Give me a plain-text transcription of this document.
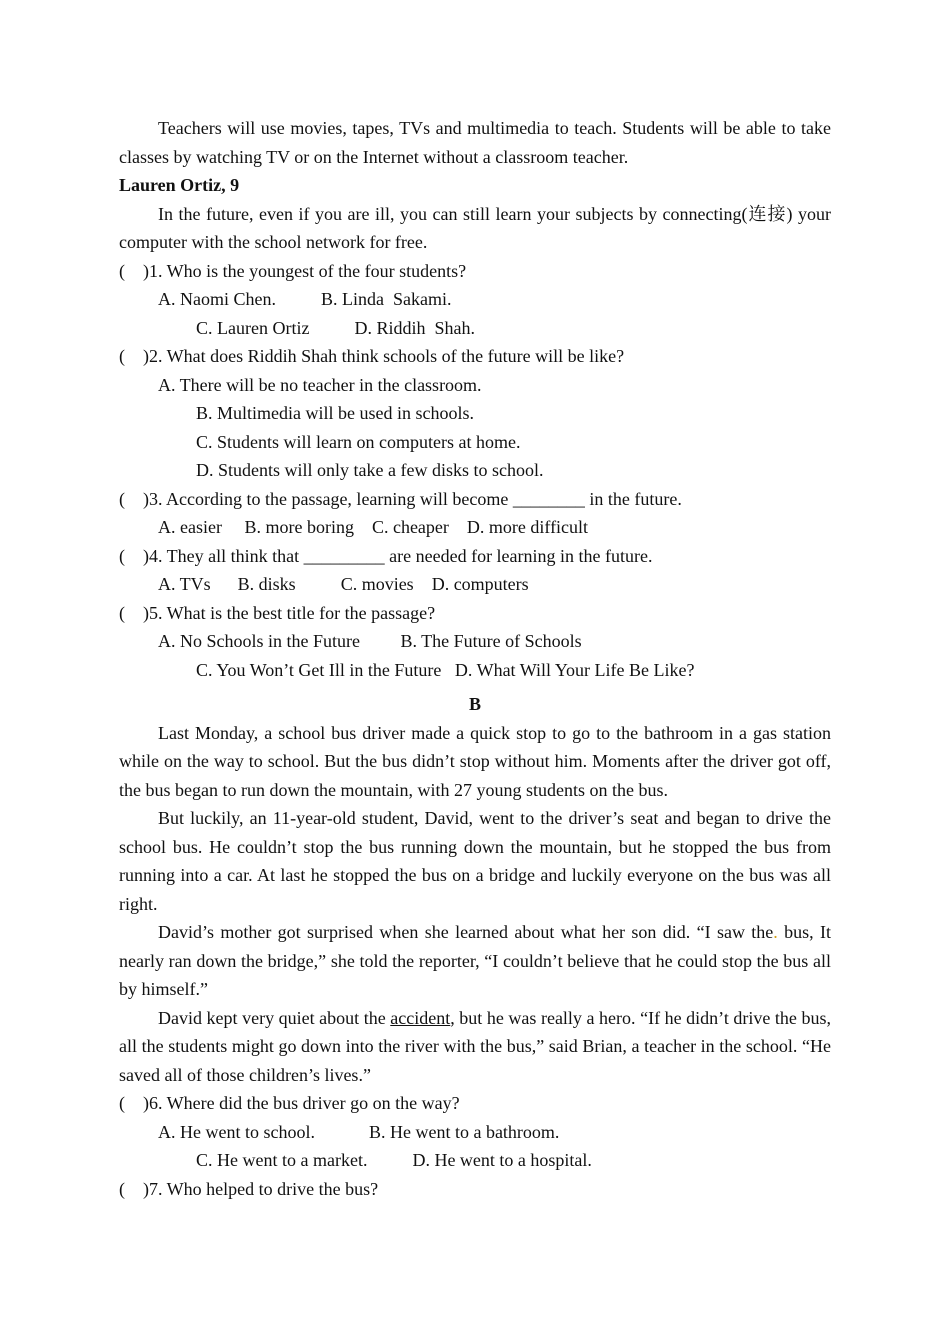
Teachers will use movies, tapes, TVs and multimedia to teach. Students will be able to take classes by watching TV or on the Internet without a classroom teacher.

Lauren Ortiz, 9

In the future, even if you are ill, you can still learn your subjects by connecting(连接) your computer with the school network for free.

(    )1. Who is the youngest of the four students?

A. Naomi Chen.          B. Linda  Sakami.

C. Lauren Ortiz          D. Riddih  Shah.

(    )2. What does Riddih Shah think schools of the future will be like?

A. There will be no teacher in the classroom.

B. Multimedia will be used in schools.

C. Students will learn on computers at home.

D. Students will only take a few disks to school.

(    )3. According to the passage, learning will become ________ in the future.

A. easier     B. more boring    C. cheaper    D. more difficult

(    )4. They all think that _________ are needed for learning in the future.

A. TVs      B. disks          C. movies    D. computers

(    )5. What is the best title for the passage?

A. No Schools in the Future         B. The Future of Schools

C. You Won’t Get Ill in the Future   D. What Will Your Life Be Like?

B

Last Monday, a school bus driver made a quick stop to go to the bathroom in a gas station while on the way to school. But the bus didn’t stop without him. Moments after the driver got off, the bus began to run down the mountain, with 27 young students on the bus.

But luckily, an 11-year-old student, David, went to the driver’s seat and began to drive the school bus. He couldn’t stop the bus running down the mountain, but he stopped the bus from running into a car. At last he stopped the bus on a bridge and luckily everyone on the bus was all right.

David’s mother got surprised when she learned about what her son did. “I saw the. bus, It nearly ran down the bridge,” she told the reporter, “I couldn’t believe that he could stop the bus all by himself.”

David kept very quiet about the accident, but he was really a hero. “If he didn’t drive the bus, all the students might go down into the river with the bus,” said Brian, a teacher in the school. “He saved all of those children’s lives.”

(    )6. Where did the bus driver go on the way?

A. He went to school.            B. He went to a bathroom.

C. He went to a market.          D. He went to a hospital.

(    )7. Who helped to drive the bus?
